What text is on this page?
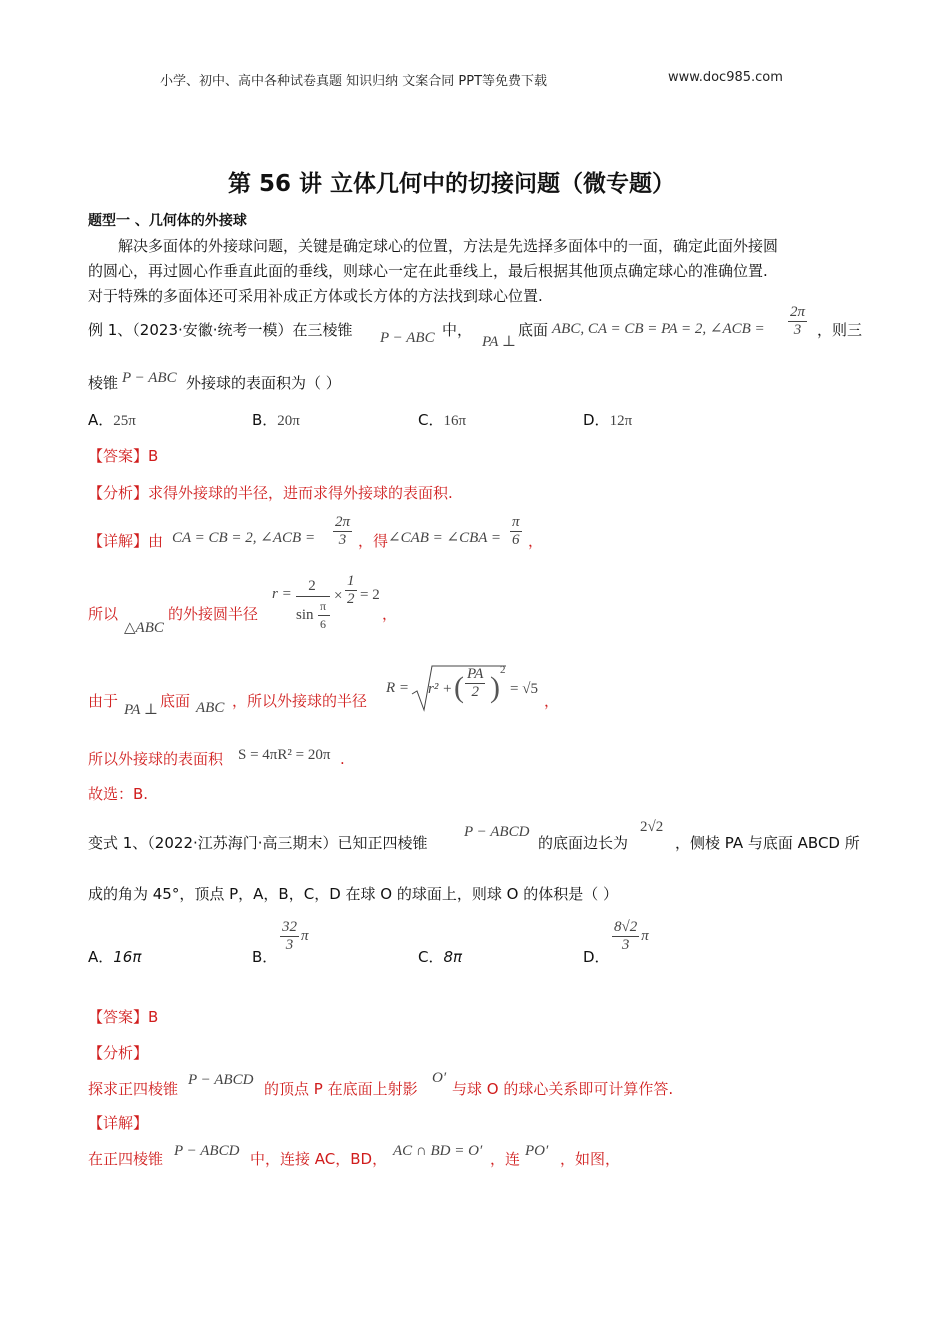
小学、初中、高中各种试卷真题 知识归纳 文案合同 PPT等免费下载	www.doc985.com
第 56 讲 立体几何中的切接问题（微专题）
题型一 、几何体的外接球
解决多面体的外接球问题，关键是确定球心的位置，方法是先选择多面体中的一面，确定此面外接圆
的圆心，再过圆心作垂直此面的垂线，则球心一定在此垂线上，最后根据其他顶点确定球心的准确位置.
对于特殊的多面体还可采用补成正方体或长方体的方法找到球心位置.
例 1、（2023·安徽·统考一模）在三棱锥 P − ABC 中，
PA ⊥
底面 ABC, CA = CB = PA = 2, ∠ACB = $\frac{2\pi}{3}$ ，则三
棱锥 P − ABC 外接球的表面积为（ ）
A．25π	B．20π	C．16π	D．12π
【答案】B
【分析】求得外接球的半径，进而求得外接球的表面积.
【详解】由 CA = CB = 2, ∠ACB = $\frac{2\pi}{3}$ ，得 ∠CAB = ∠CBA = $\frac{\pi}{6}$ ，
所以
△ABC
的外接圆半径
r =	2
sin
π
6
× $\frac{1}{2} = 2$
，
由于 PA ⊥ 底面 ABC ，所以外接球的半径
R = r² + ( $\frac{PA}{2}$ )
2
= √5
，
所以外接球的表面积 S = 4πR² = 20π .
故选：B.
变式 1、（2022·江苏海门·高三期末）已知正四棱锥
P − ABCD
的底面边长为
2√2
，侧棱 PA 与底面 ABCD 所
成的角为 45°，顶点 P，A，B，C，D 在球 O 的球面上，则球 O 的体积是（ ）
A．16π	B．
$\frac{32}{3}$ π
C．8π	D．
$\frac{8√2}{3}$ π
【答案】B
【分析】
探求正四棱锥 P − ABCD 的顶点 P 在底面上射影
O′
与球 O 的球心关系即可计算作答.
【详解】
在正四棱锥 P − ABCD 中，连接 AC，BD， AC ∩ BD = O′ ，连 PO′ ，如图，
